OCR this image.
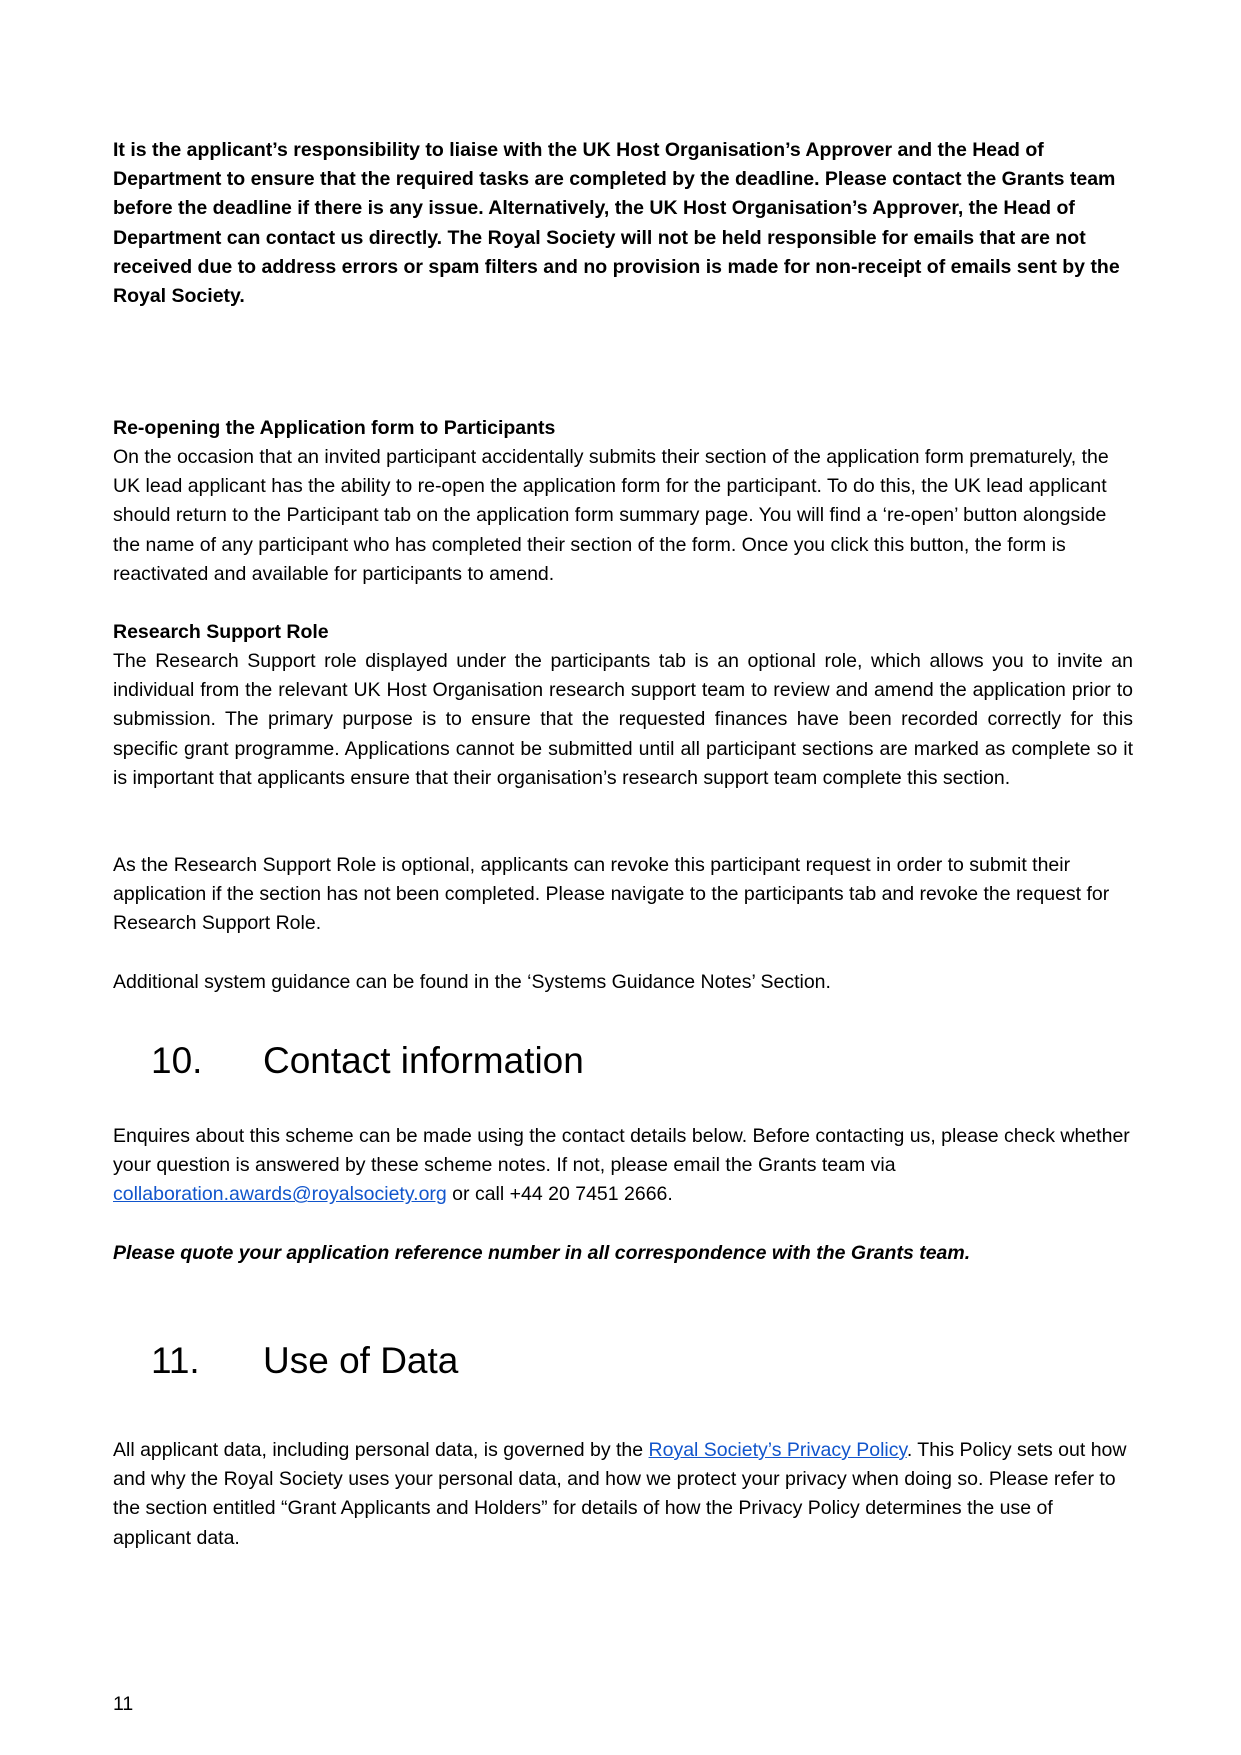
It is the applicant’s responsibility to liaise with the UK Host Organisation’s Approver and the Head of Department to ensure that the required tasks are completed by the deadline. Please contact the Grants team before the deadline if there is any issue. Alternatively, the UK Host Organisation’s Approver, the Head of Department can contact us directly. The Royal Society will not be held responsible for emails that are not received due to address errors or spam filters and no provision is made for non-receipt of emails sent by the Royal Society.

Re-opening the Application form to Participants

On the occasion that an invited participant accidentally submits their section of the application form prematurely, the UK lead applicant has the ability to re-open the application form for the participant. To do this, the UK lead applicant should return to the Participant tab on the application form summary page. You will find a ‘re-open’ button alongside the name of any participant who has completed their section of the form. Once you click this button, the form is reactivated and available for participants to amend.

Research Support Role

The Research Support role displayed under the participants tab is an optional role, which allows you to invite an individual from the relevant UK Host Organisation research support team to review and amend the application prior to submission. The primary purpose is to ensure that the requested finances have been recorded correctly for this specific grant programme. Applications cannot be submitted until all participant sections are marked as complete so it is important that applicants ensure that their organisation’s research support team complete this section.

As the Research Support Role is optional, applicants can revoke this participant request in order to submit their application if the section has not been completed. Please navigate to the participants tab and revoke the request for Research Support Role.

Additional system guidance can be found in the ‘Systems Guidance Notes’ Section.

10.	Contact information

Enquires about this scheme can be made using the contact details below. Before contacting us, please check whether your question is answered by these scheme notes. If not, please email the Grants team via collaboration.awards@royalsociety.org or call +44 20 7451 2666.

Please quote your application reference number in all correspondence with the Grants team.

11.	Use of Data

All applicant data, including personal data, is governed by the Royal Society’s Privacy Policy. This Policy sets out how and why the Royal Society uses your personal data, and how we protect your privacy when doing so. Please refer to the section entitled “Grant Applicants and Holders” for details of how the Privacy Policy determines the use of applicant data.

11
